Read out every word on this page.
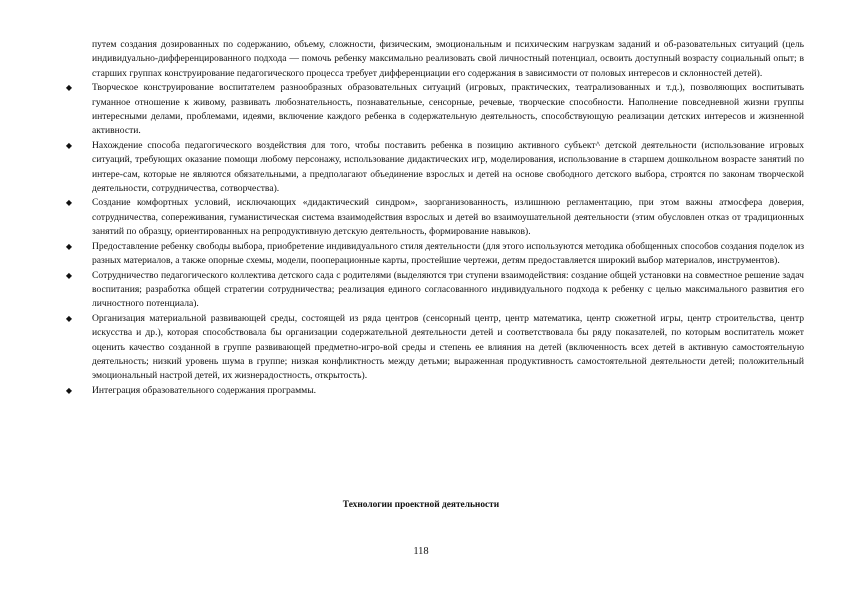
путем создания дозированных по содержанию, объему, сложности, физическим, эмоциональным и психическим нагрузкам заданий и об-разовательных ситуаций (цель индивидуально-дифференцированного подхода — помочь ребенку максимально реализовать свой личностный потенциал, освоить доступный возрасту социальный опыт; в старших группах конструирование педагогического процесса требует дифференциации его содержания в зависимости от половых интересов и склонностей детей).

◆ Творческое конструирование воспитателем разнообразных образовательных ситуаций (игровых, практических, театрализованных и т.д.), позволяющих воспитывать гуманное отношение к живому, развивать любознательность, познавательные, сенсорные, речевые, творческие способности. Наполнение повседневной жизни группы интересными делами, проблемами, идеями, включение каждого ребенка в содержательную деятельность, способствующую реализации детских интересов и жизненной активности.
◆ Нахождение способа педагогического воздействия для того, чтобы поставить ребенка в позицию активного субъект^ детской деятельности (использование игровых ситуаций, требующих оказание помощи любому персонажу, использование дидактических игр, моделирования, использование в старшем дошкольном возрасте занятий по интере-сам, которые не являются обязательными, а предполагают объединение взрослых и детей на основе свободного детского выбора, строятся по законам творческой деятельности, сотрудничества, сотворчества).
◆ Создание комфортных условий, исключающих «дидактический синдром», заорганизованность, излишнюю регламентацию, при этом важны атмосфера доверия, сотрудничества, сопереживания, гуманистическая система взаимодействия взрослых и детей во взаимоушательной деятельности (этим обусловлен отказ от традиционных занятий по образцу, ориентированных на репродуктивную детскую деятельность, формирование навыков).
◆ Предоставление ребенку свободы выбора, приобретение индивидуального стиля деятельности (для этого используются методика обобщенных способов создания поделок из разных материалов, а также опорные схемы, модели, пооперационные карты, простейшие чертежи, детям предоставляется широкий выбор материалов, инструментов).
◆ Сотрудничество педагогического коллектива детского сада с родителями (выделяются три ступени взаимодействия: создание общей установки на совместное решение задач воспитания; разработка общей стратегии сотрудничества; реализация единого согласованного индивидуального подхода к ребенку с целью максимального развития его личностного потенциала).
◆ Организация материальной развивающей среды, состоящей из ряда центров (сенсорный центр, центр математика, центр сюжетной игры, центр строительства, центр искусства и др.), которая способствовала бы организации содержательной деятельности детей и соответствовала бы ряду показателей, по которым воспитатель может оценить качество созданной в группе развивающей предметно-игро-вой среды и степень ее влияния на детей (включенность всех детей в активную самостоятельную деятельность; низкий уровень шума в группе; низкая конфликтность между детьми; выраженная продуктивность самостоятельной деятельности детей; положительный эмоциональный настрой детей, их жизнерадостность, открытость).
◆ Интеграция образовательного содержания программы.
Технологии проектной деятельности
118
